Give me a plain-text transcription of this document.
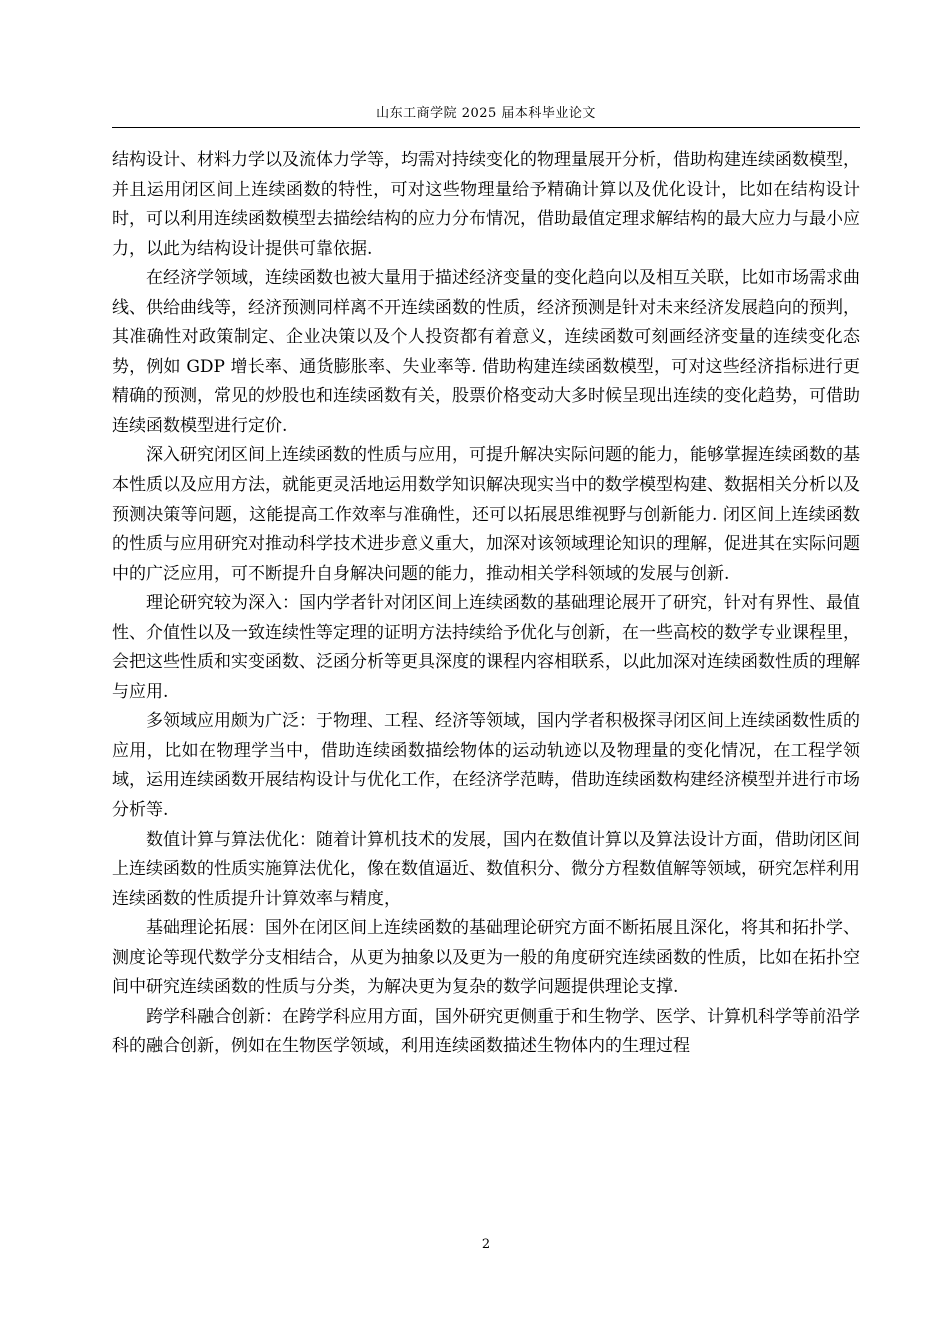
山东工商学院 2025 届本科毕业论文

结构设计、材料力学以及流体力学等，均需对持续变化的物理量展开分析，借助构建连续函数模型，并且运用闭区间上连续函数的特性，可对这些物理量给予精确计算以及优化设计，比如在结构设计时，可以利用连续函数模型去描绘结构的应力分布情况，借助最值定理求解结构的最大应力与最小应力，以此为结构设计提供可靠依据.

在经济学领域，连续函数也被大量用于描述经济变量的变化趋向以及相互关联，比如市场需求曲线、供给曲线等，经济预测同样离不开连续函数的性质，经济预测是针对未来经济发展趋向的预判，其准确性对政策制定、企业决策以及个人投资都有着意义，连续函数可刻画经济变量的连续变化态势，例如 GDP 增长率、通货膨胀率、失业率等. 借助构建连续函数模型，可对这些经济指标进行更精确的预测，常见的炒股也和连续函数有关，股票价格变动大多时候呈现出连续的变化趋势，可借助连续函数模型进行定价.

深入研究闭区间上连续函数的性质与应用，可提升解决实际问题的能力，能够掌握连续函数的基本性质以及应用方法，就能更灵活地运用数学知识解决现实当中的数学模型构建、数据相关分析以及预测决策等问题，这能提高工作效率与准确性，还可以拓展思维视野与创新能力. 闭区间上连续函数的性质与应用研究对推动科学技术进步意义重大，加深对该领域理论知识的理解，促进其在实际问题中的广泛应用，可不断提升自身解决问题的能力，推动相关学科领域的发展与创新.

理论研究较为深入：国内学者针对闭区间上连续函数的基础理论展开了研究，针对有界性、最值性、介值性以及一致连续性等定理的证明方法持续给予优化与创新，在一些高校的数学专业课程里，会把这些性质和实变函数、泛函分析等更具深度的课程内容相联系，以此加深对连续函数性质的理解与应用.

多领域应用颇为广泛：于物理、工程、经济等领域，国内学者积极探寻闭区间上连续函数性质的应用，比如在物理学当中，借助连续函数描绘物体的运动轨迹以及物理量的变化情况，在工程学领域，运用连续函数开展结构设计与优化工作，在经济学范畴，借助连续函数构建经济模型并进行市场分析等.

数值计算与算法优化：随着计算机技术的发展，国内在数值计算以及算法设计方面，借助闭区间上连续函数的性质实施算法优化，像在数值逼近、数值积分、微分方程数值解等领域，研究怎样利用连续函数的性质提升计算效率与精度，

基础理论拓展：国外在闭区间上连续函数的基础理论研究方面不断拓展且深化，将其和拓扑学、测度论等现代数学分支相结合，从更为抽象以及更为一般的角度研究连续函数的性质，比如在拓扑空间中研究连续函数的性质与分类，为解决更为复杂的数学问题提供理论支撑.

跨学科融合创新：在跨学科应用方面，国外研究更侧重于和生物学、医学、计算机科学等前沿学科的融合创新，例如在生物医学领域，利用连续函数描述生物体内的生理过程

2
